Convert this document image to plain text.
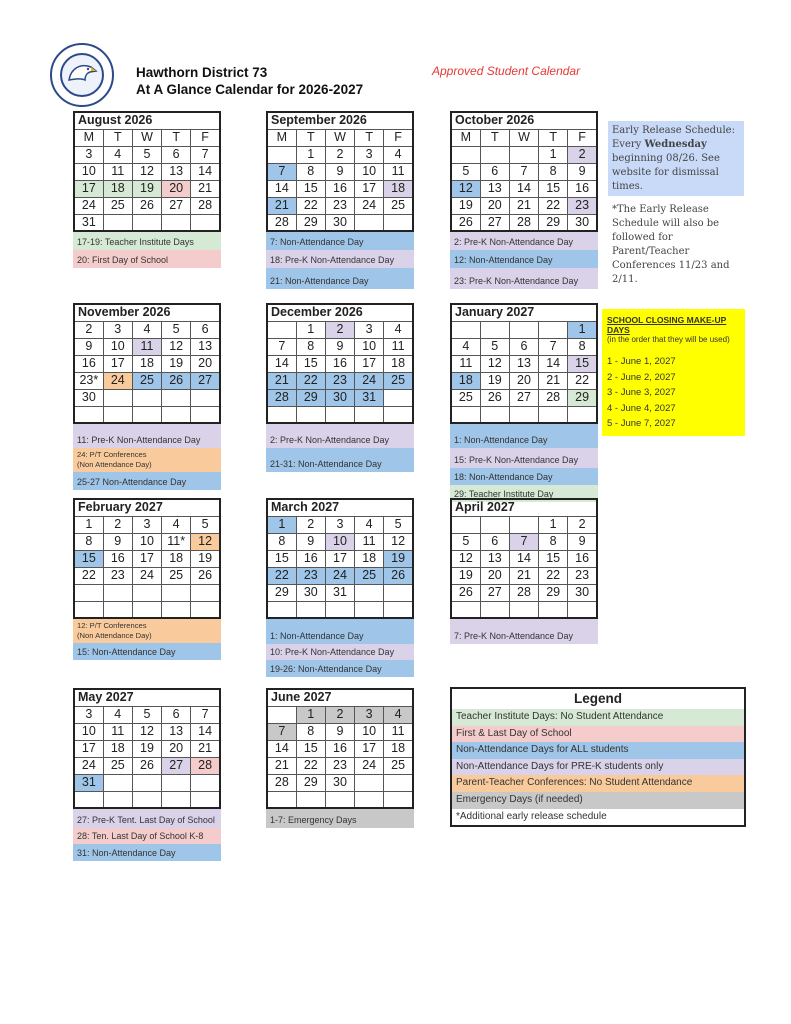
Hawthorn District 73
At A Glance Calendar for 2026-2027
Approved Student Calendar
August 2026				
M	T	W	T	F
3	4	5	6	7
10	11	12	13	14
17	18	19	20	21
24	25	26	27	28
31				
17-19: Teacher Institute Days
20: First Day of School
September 2026				
M	T	W	T	F
	1	2	3	4
7	8	9	10	11
14	15	16	17	18
21	22	23	24	25
28	29	30		
7: Non-Attendance Day
18: Pre-K Non-Attendance Day
21: Non-Attendance Day
October 2026				
M	T	W	T	F
			1	2
5	6	7	8	9
12	13	14	15	16
19	20	21	22	23
26	27	28	29	30
2: Pre-K Non-Attendance Day
12: Non-Attendance Day
23: Pre-K Non-Attendance Day
Early Release Schedule:
Every Wednesday
beginning 08/26. See website for dismissal times.
*The Early Release Schedule will also be followed for Parent/Teacher Conferences 11/23 and 2/11.
November 2026				
2	3	4	5	6
9	10	11	12	13
16	17	18	19	20
23*	24	25	26	27
30				

11: Pre-K Non-Attendance Day
24: P/T Conferences
(Non Attendance Day)
25-27 Non-Attendance Day
December 2026				
	1	2	3	4
7	8	9	10	11
14	15	16	17	18
21	22	23	24	25
28	29	30	31	

2: Pre-K Non-Attendance Day
21-31: Non-Attendance Day
January 2027				
				1
4	5	6	7	8
11	12	13	14	15
18	19	20	21	22
25	26	27	28	29

1: Non-Attendance Day
15: Pre-K Non-Attendance Day
18: Non-Attendance Day
29: Teacher Institute Day
SCHOOL CLOSING MAKE-UP DAYS
(in the order that they will be used)
1 - June 1, 2027
2 - June 2, 2027
3 - June 3, 2027
4 - June 4, 2027
5 - June 7, 2027
February 2027				
1	2	3	4	5
8	9	10	11*	12
15	16	17	18	19
22	23	24	25	26

12: P/T Conferences
(Non Attendance Day)
15: Non-Attendance Day
March 2027				
1	2	3	4	5
8	9	10	11	12
15	16	17	18	19
22	23	24	25	26
29	30	31		

1: Non-Attendance Day
10: Pre-K Non-Attendance Day
19-26: Non-Attendance Day
April 2027				
			1	2
5	6	7	8	9
12	13	14	15	16
19	20	21	22	23
26	27	28	29	30

7: Pre-K Non-Attendance Day
May 2027				
3	4	5	6	7
10	11	12	13	14
17	18	19	20	21
24	25	26	27	28
31				

27: Pre-K Tent. Last Day of School
28: Ten. Last Day of School K-8
31: Non-Attendance Day
June 2027				
	1	2	3	4
7	8	9	10	11
14	15	16	17	18
21	22	23	24	25
28	29	30		

1-7: Emergency Days
Legend
Teacher Institute Days: No Student Attendance
First & Last Day of School
Non-Attendance Days for ALL students
Non-Attendance Days for PRE-K students only
Parent-Teacher Conferences: No Student Attendance
Emergency Days (if needed)
*Additional early release schedule
